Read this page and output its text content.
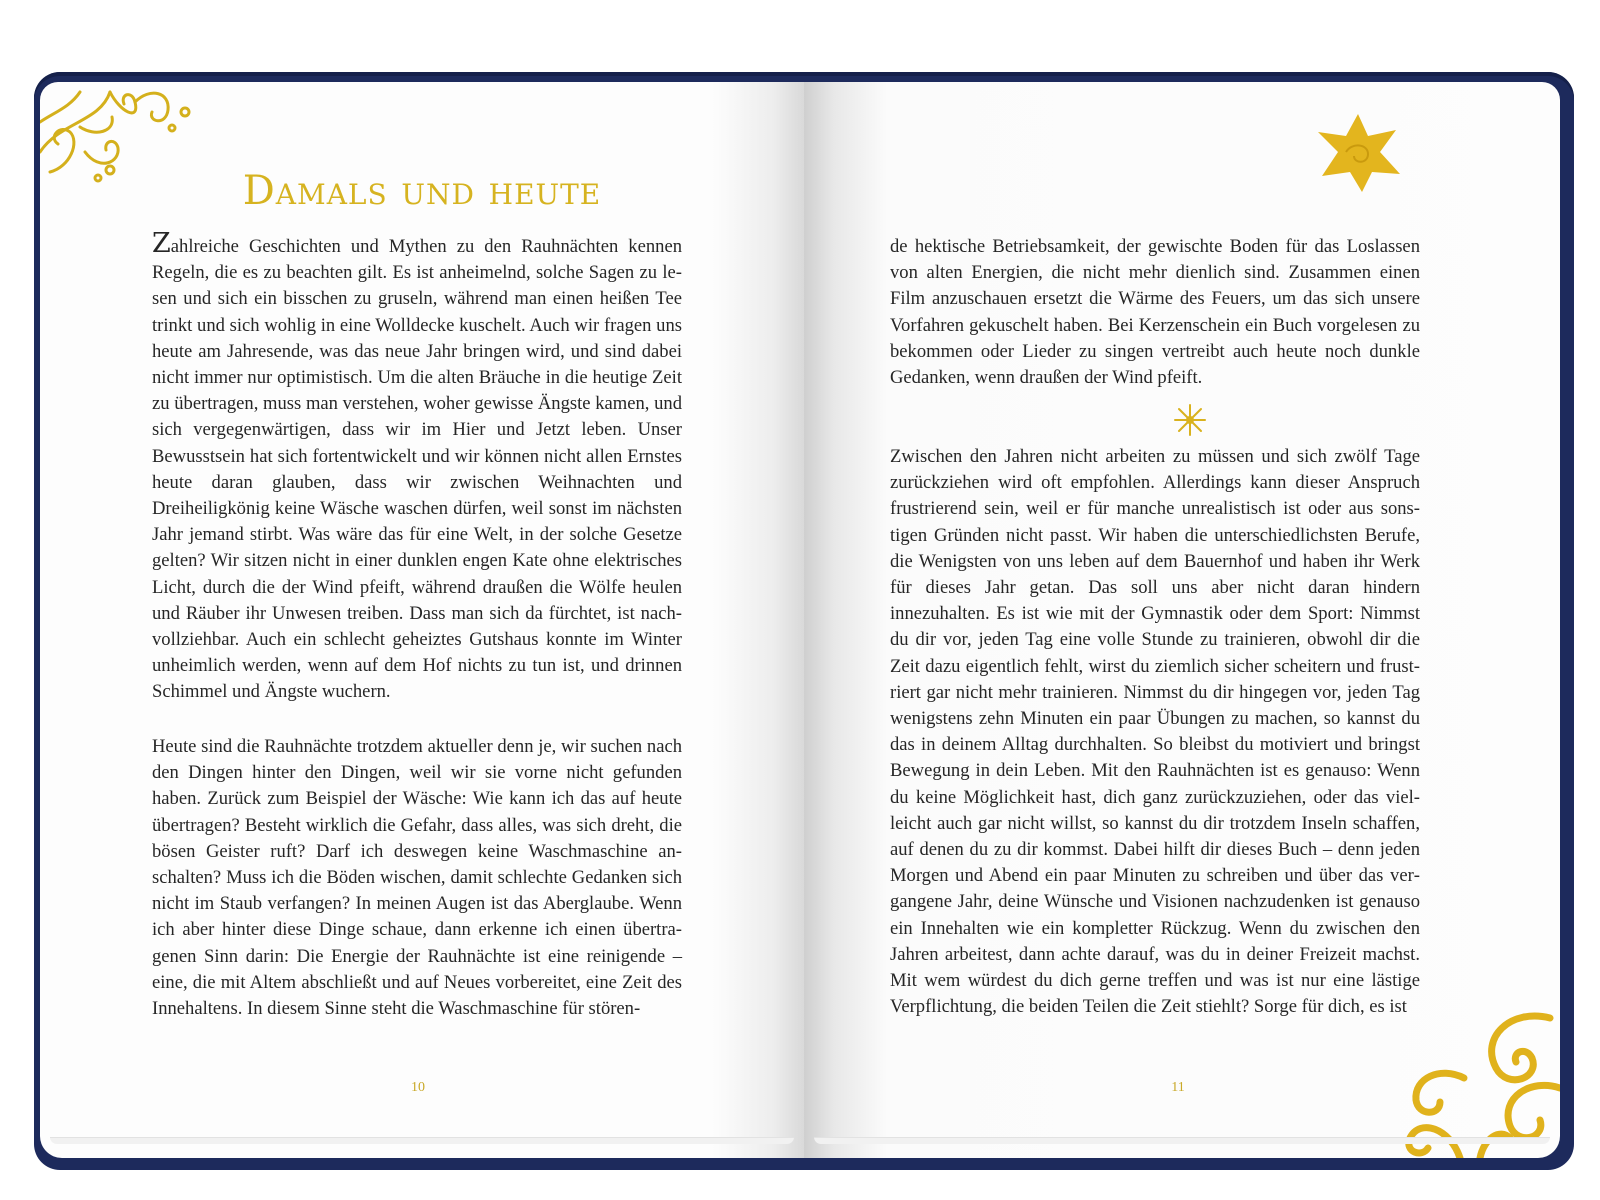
Damals und heute
Zahlreiche Geschichten und Mythen zu den Rauhnächten kennen Regeln, die es zu beachten gilt. Es ist anheimelnd, solche Sagen zu lesen und sich ein bisschen zu gruseln, während man einen heißen Tee trinkt und sich wohlig in eine Wolldecke kuschelt. Auch wir fragen uns heute am Jahresende, was das neue Jahr bringen wird, und sind dabei nicht immer nur optimistisch. Um die alten Bräuche in die heutige Zeit zu übertragen, muss man verstehen, woher gewisse Ängste kamen, und sich vergegenwärtigen, dass wir im Hier und Jetzt leben. Unser Bewusstsein hat sich fortentwickelt und wir können nicht allen Ernstes heute daran glauben, dass wir zwischen Weihnachten und Dreiheiligkönig keine Wäsche waschen dürfen, weil sonst im nächsten Jahr jemand stirbt. Was wäre das für eine Welt, in der solche Gesetze gelten? Wir sitzen nicht in einer dunklen engen Kate ohne elektrisches Licht, durch die der Wind pfeift, während draußen die Wölfe heulen und Räuber ihr Unwesen treiben. Dass man sich da fürchtet, ist nachvollziehbar. Auch ein schlecht geheiztes Gutshaus konnte im Winter unheimlich werden, wenn auf dem Hof nichts zu tun ist, und drinnen Schimmel und Ängste wuchern.
Heute sind die Rauhnächte trotzdem aktueller denn je, wir suchen nach den Dingen hinter den Dingen, weil wir sie vorne nicht gefunden haben. Zurück zum Beispiel der Wäsche: Wie kann ich das auf heute übertragen? Besteht wirklich die Gefahr, dass alles, was sich dreht, die bösen Geister ruft? Darf ich deswegen keine Waschmaschine anschalten? Muss ich die Böden wischen, damit schlechte Gedanken sich nicht im Staub verfangen? In meinen Augen ist das Aberglaube. Wenn ich aber hinter diese Dinge schaue, dann erkenne ich einen übertragenen Sinn darin: Die Energie der Rauhnächte ist eine reinigende – eine, die mit Altem abschließt und auf Neues vorbereitet, eine Zeit des Innehaltens. In diesem Sinne steht die Waschmaschine für stören-
10
de hektische Betriebsamkeit, der gewischte Boden für das Loslassen von alten Energien, die nicht mehr dienlich sind. Zusammen einen Film anzuschauen ersetzt die Wärme des Feuers, um das sich unsere Vorfahren gekuschelt haben. Bei Kerzenschein ein Buch vorgelesen zu bekommen oder Lieder zu singen vertreibt auch heute noch dunkle Gedanken, wenn draußen der Wind pfeift.
Zwischen den Jahren nicht arbeiten zu müssen und sich zwölf Tage zurückziehen wird oft empfohlen. Allerdings kann dieser Anspruch frustrierend sein, weil er für manche unrealistisch ist oder aus sonstigen Gründen nicht passt. Wir haben die unterschiedlichsten Berufe, die Wenigsten von uns leben auf dem Bauernhof und haben ihr Werk für dieses Jahr getan. Das soll uns aber nicht daran hindern innezuhalten. Es ist wie mit der Gymnastik oder dem Sport: Nimmst du dir vor, jeden Tag eine volle Stunde zu trainieren, obwohl dir die Zeit dazu eigentlich fehlt, wirst du ziemlich sicher scheitern und frustriert gar nicht mehr trainieren. Nimmst du dir hingegen vor, jeden Tag wenigstens zehn Minuten ein paar Übungen zu machen, so kannst du das in deinem Alltag durchhalten. So bleibst du motiviert und bringst Bewegung in dein Leben. Mit den Rauhnächten ist es genauso: Wenn du keine Möglichkeit hast, dich ganz zurückzuziehen, oder das vielleicht auch gar nicht willst, so kannst du dir trotzdem Inseln schaffen, auf denen du zu dir kommst. Dabei hilft dir dieses Buch – denn jeden Morgen und Abend ein paar Minuten zu schreiben und über das vergangene Jahr, deine Wünsche und Visionen nachzudenken ist genauso ein Innehalten wie ein kompletter Rückzug. Wenn du zwischen den Jahren arbeitest, dann achte darauf, was du in deiner Freizeit machst. Mit wem würdest du dich gerne treffen und was ist nur eine lästige Verpflichtung, die beiden Teilen die Zeit stiehlt? Sorge für dich, es ist
11
